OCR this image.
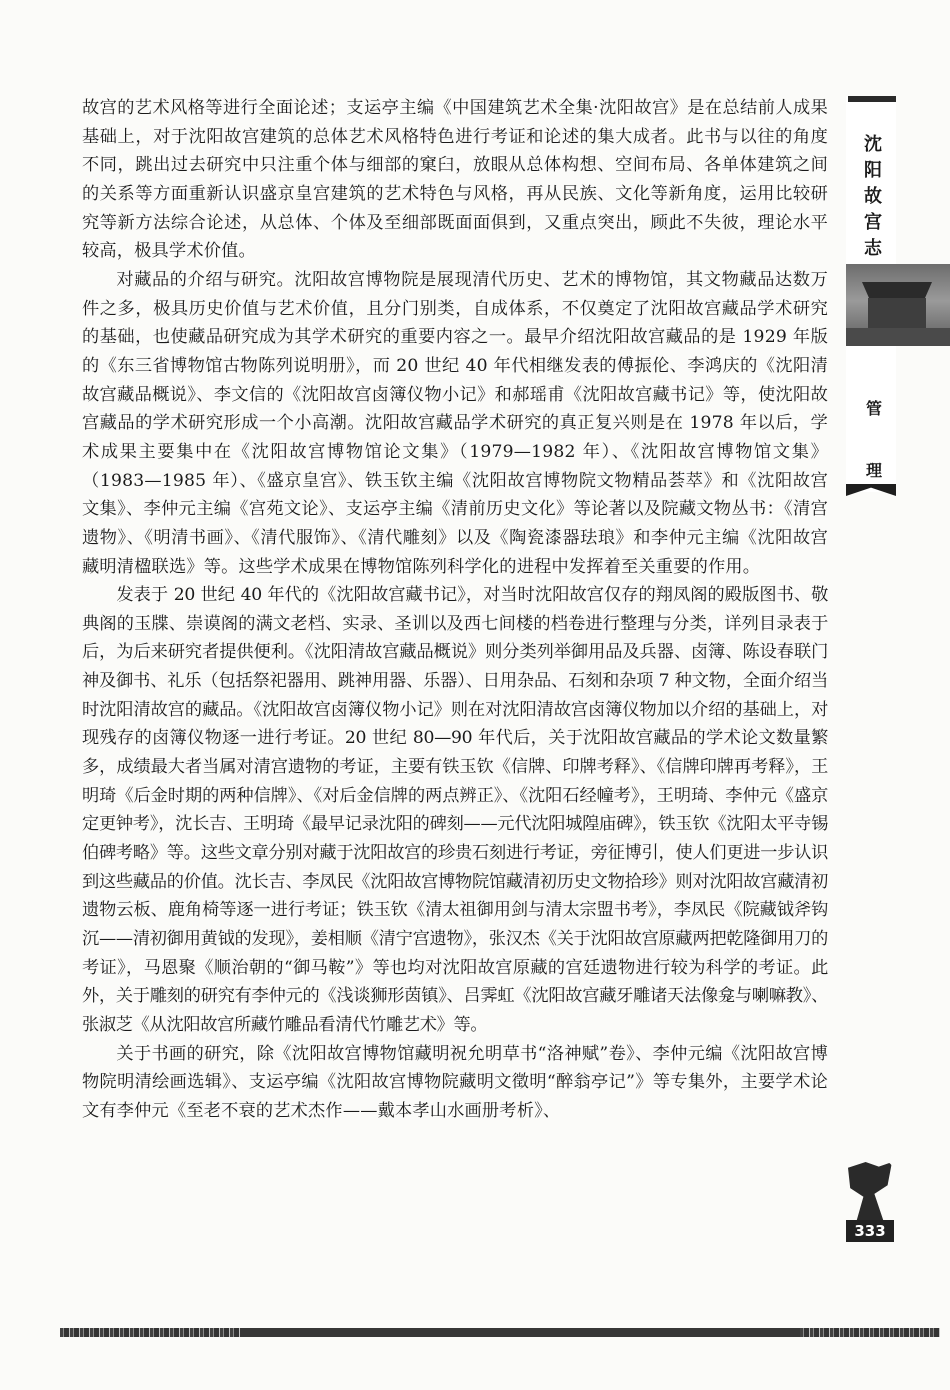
故宫的艺术风格等进行全面论述；支运亭主编《中国建筑艺术全集·沈阳故宫》是在总结前人成果基础上，对于沈阳故宫建筑的总体艺术风格特色进行考证和论述的集大成者。此书与以往的角度不同，跳出过去研究中只注重个体与细部的窠臼，放眼从总体构想、空间布局、各单体建筑之间的关系等方面重新认识盛京皇宫建筑的艺术特色与风格，再从民族、文化等新角度，运用比较研究等新方法综合论述，从总体、个体及至细部既面面俱到，又重点突出，顾此不失彼，理论水平较高，极具学术价值。

对藏品的介绍与研究。沈阳故宫博物院是展现清代历史、艺术的博物馆，其文物藏品达数万件之多，极具历史价值与艺术价值，且分门别类，自成体系，不仅奠定了沈阳故宫藏品学术研究的基础，也使藏品研究成为其学术研究的重要内容之一。最早介绍沈阳故宫藏品的是 1929 年版的《东三省博物馆古物陈列说明册》，而 20 世纪 40 年代相继发表的傅振伦、李鸿庆的《沈阳清故宫藏品概说》、李文信的《沈阳故宫卤簿仪物小记》和郝瑶甫《沈阳故宫藏书记》等，使沈阳故宫藏品的学术研究形成一个小高潮。沈阳故宫藏品学术研究的真正复兴则是在 1978 年以后，学术成果主要集中在《沈阳故宫博物馆论文集》（1979—1982 年）、《沈阳故宫博物馆文集》（1983—1985 年）、《盛京皇宫》、铁玉钦主编《沈阳故宫博物院文物精品荟萃》和《沈阳故宫文集》、李仲元主编《宫苑文论》、支运亭主编《清前历史文化》等论著以及院藏文物丛书：《清宫遗物》、《明清书画》、《清代服饰》、《清代雕刻》以及《陶瓷漆器珐琅》和李仲元主编《沈阳故宫藏明清楹联选》等。这些学术成果在博物馆陈列科学化的进程中发挥着至关重要的作用。

发表于 20 世纪 40 年代的《沈阳故宫藏书记》，对当时沈阳故宫仅存的翔凤阁的殿版图书、敬典阁的玉牒、崇谟阁的满文老档、实录、圣训以及西七间楼的档卷进行整理与分类，详列目录表于后，为后来研究者提供便利。《沈阳清故宫藏品概说》则分类列举御用品及兵器、卤簿、陈设春联门神及御书、礼乐（包括祭祀器用、跳神用器、乐器）、日用杂品、石刻和杂项 7 种文物，全面介绍当时沈阳清故宫的藏品。《沈阳故宫卤簿仪物小记》则在对沈阳清故宫卤簿仪物加以介绍的基础上，对现残存的卤簿仪物逐一进行考证。20 世纪 80—90 年代后，关于沈阳故宫藏品的学术论文数量繁多，成绩最大者当属对清宫遗物的考证，主要有铁玉钦《信牌、印牌考释》、《信牌印牌再考释》，王明琦《后金时期的两种信牌》、《对后金信牌的两点辨正》、《沈阳石经幢考》，王明琦、李仲元《盛京定更钟考》，沈长吉、王明琦《最早记录沈阳的碑刻——元代沈阳城隍庙碑》，铁玉钦《沈阳太平寺锡伯碑考略》等。这些文章分别对藏于沈阳故宫的珍贵石刻进行考证，旁征博引，使人们更进一步认识到这些藏品的价值。沈长吉、李凤民《沈阳故宫博物院馆藏清初历史文物拾珍》则对沈阳故宫藏清初遗物云板、鹿角椅等逐一进行考证；铁玉钦《清太祖御用剑与清太宗盟书考》，李凤民《院藏钺斧钩沉——清初御用黄钺的发现》，姜相顺《清宁宫遗物》，张汉杰《关于沈阳故宫原藏两把乾隆御用刀的考证》，马恩聚《顺治朝的“御马鞍”》等也均对沈阳故宫原藏的宫廷遗物进行较为科学的考证。此外，关于雕刻的研究有李仲元的《浅谈狮形茵镇》、吕霁虹《沈阳故宫藏牙雕诸天法像龛与喇嘛教》、张淑芝《从沈阳故宫所藏竹雕品看清代竹雕艺术》等。

关于书画的研究，除《沈阳故宫博物馆藏明祝允明草书“洛神赋”卷》、李仲元编《沈阳故宫博物院明清绘画选辑》、支运亭编《沈阳故宫博物院藏明文徵明“醉翁亭记”》等专集外，主要学术论文有李仲元《至老不衰的艺术杰作——戴本孝山水画册考析》、

沈
阳
故
宫
志
管
理
333
